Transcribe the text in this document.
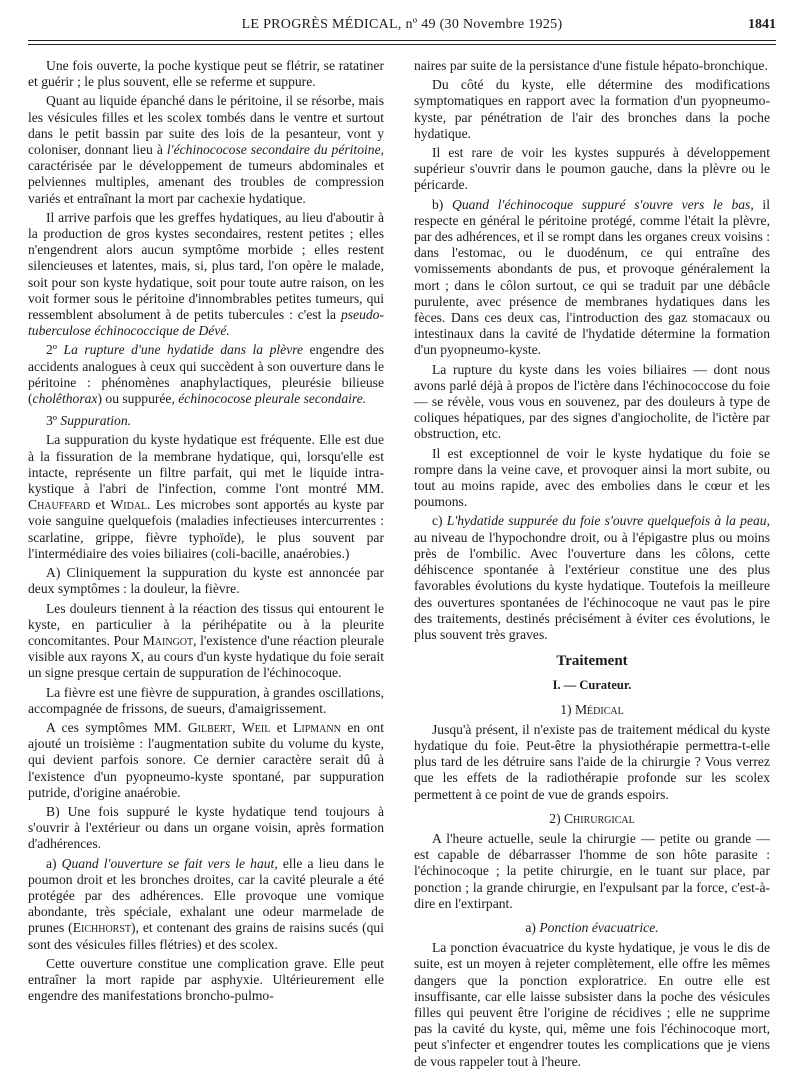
LE PROGRÈS MÉDICAL, nº 49 (30 Novembre 1925)	1841

Une fois ouverte, la poche kystique peut se flétrir, se ratatiner et guérir ; le plus souvent, elle se referme et suppure.

Quant au liquide épanché dans le péritoine, il se résorbe, mais les vésicules filles et les scolex tombés dans le ventre et surtout dans le petit bassin par suite des lois de la pesanteur, vont y coloniser, donnant lieu à l'échinococose secondaire du péritoine, caractérisée par le développement de tumeurs abdominales et pelviennes multiples, amenant des troubles de compression variés et entraînant la mort par cachexie hydatique.

Il arrive parfois que les greffes hydatiques, au lieu d'aboutir à la production de gros kystes secondaires, restent petites ; elles n'engendrent alors aucun symptôme morbide ; elles restent silencieuses et latentes, mais, si, plus tard, l'on opère le malade, soit pour son kyste hydatique, soit pour toute autre raison, on les voit former sous le péritoine d'innombrables petites tumeurs, qui ressemblent absolument à de petits tubercules : c'est la pseudo-tuberculose échinococcique de Dévé.

2º La rupture d'une hydatide dans la plèvre engendre des accidents analogues à ceux qui succèdent à son ouverture dans le péritoine : phénomènes anaphylactiques, pleurésie bilieuse (cholêthorax) ou suppurée, échinococose pleurale secondaire.

3º Suppuration.

La suppuration du kyste hydatique est fréquente. Elle est due à la fissuration de la membrane hydatique, qui, lorsqu'elle est intacte, représente un filtre parfait, qui met le liquide intra-kystique à l'abri de l'infection, comme l'ont montré MM. Chauffard et Widal. Les microbes sont apportés au kyste par voie sanguine quelquefois (maladies infectieuses intercurrentes : scarlatine, grippe, fièvre typhoïde), le plus souvent par l'intermédiaire des voies biliaires (coli-bacille, anaérobies.)

A) Cliniquement la suppuration du kyste est annoncée par deux symptômes : la douleur, la fièvre.

Les douleurs tiennent à la réaction des tissus qui entourent le kyste, en particulier à la périhépatite ou à la pleurite concomitantes. Pour Maingot, l'existence d'une réaction pleurale visible aux rayons X, au cours d'un kyste hydatique du foie serait un signe presque certain de suppuration de l'échinocoque.

La fièvre est une fièvre de suppuration, à grandes oscillations, accompagnée de frissons, de sueurs, d'amaigrissement.

A ces symptômes MM. Gilbert, Weil et Lipmann en ont ajouté un troisième : l'augmentation subite du volume du kyste, qui devient parfois sonore. Ce dernier caractère serait dû à l'existence d'un pyopneumo-kyste spontané, par suppuration putride, d'origine anaérobie.

B) Une fois suppuré le kyste hydatique tend toujours à s'ouvrir à l'extérieur ou dans un organe voisin, après formation d'adhérences.

a) Quand l'ouverture se fait vers le haut, elle a lieu dans le poumon droit et les bronches droites, car la cavité pleurale a été protégée par des adhérences. Elle provoque une vomique abondante, très spéciale, exhalant une odeur marmelade de prunes (Eichhorst), et contenant des grains de raisins sucés (qui sont des vésicules filles flétries) et des scolex.

Cette ouverture constitue une complication grave. Elle peut entraîner la mort rapide par asphyxie. Ultérieurement elle engendre des manifestations broncho-pulmo-

naires par suite de la persistance d'une fistule hépato-bronchique.

Du côté du kyste, elle détermine des modifications symptomatiques en rapport avec la formation d'un pyopneumo-kyste, par pénétration de l'air des bronches dans la poche hydatique.

Il est rare de voir les kystes suppurés à développement supérieur s'ouvrir dans le poumon gauche, dans la plèvre ou le péricarde.

b) Quand l'échinocoque suppuré s'ouvre vers le bas, il respecte en général le péritoine protégé, comme l'était la plèvre, par des adhérences, et il se rompt dans les organes creux voisins : dans l'estomac, ou le duodénum, ce qui entraîne des vomissements abondants de pus, et provoque généralement la mort ; dans le côlon surtout, ce qui se traduit par une débâcle purulente, avec présence de membranes hydatiques dans les fèces. Dans ces deux cas, l'introduction des gaz stomacaux ou intestinaux dans la cavité de l'hydatide détermine la formation d'un pyopneumo-kyste.

La rupture du kyste dans les voies biliaires — dont nous avons parlé déjà à propos de l'ictère dans l'échinococcose du foie — se révèle, vous vous en souvenez, par des douleurs à type de coliques hépatiques, par des signes d'angiocholite, de l'ictère par obstruction, etc.

Il est exceptionnel de voir le kyste hydatique du foie se rompre dans la veine cave, et provoquer ainsi la mort subite, ou tout au moins rapide, avec des embolies dans le cœur et les poumons.

c) L'hydatide suppurée du foie s'ouvre quelquefois à la peau, au niveau de l'hypochondre droit, ou à l'épigastre plus ou moins près de l'ombilic. Avec l'ouverture dans les côlons, cette déhiscence spontanée à l'extérieur constitue une des plus favorables évolutions du kyste hydatique. Toutefois la meilleure des ouvertures spontanées de l'échinocoque ne vaut pas le pire des traitements, destinés précisément à éviter ces évolutions, le plus souvent très graves.

Traitement
I. — Curateur.
1) Médical

Jusqu'à présent, il n'existe pas de traitement médical du kyste hydatique du foie. Peut-être la physiothérapie permettra-t-elle plus tard de les détruire sans l'aide de la chirurgie ? Vous verrez que les effets de la radiothérapie profonde sur les scolex permettent à ce point de vue de grands espoirs.

2) Chirurgical

A l'heure actuelle, seule la chirurgie — petite ou grande — est capable de débarrasser l'homme de son hôte parasite : l'échinocoque ; la petite chirurgie, en le tuant sur place, par ponction ; la grande chirurgie, en l'expulsant par la force, c'est-à-dire en l'extirpant.

a) Ponction évacuatrice.

La ponction évacuatrice du kyste hydatique, je vous le dis de suite, est un moyen à rejeter complètement, elle offre les mêmes dangers que la ponction exploratrice. En outre elle est insuffisante, car elle laisse subsister dans la poche des vésicules filles qui peuvent être l'origine de récidives ; elle ne supprime pas la cavité du kyste, qui, même une fois l'échinocoque mort, peut s'infecter et engendrer toutes les complications que je viens de vous rappeler tout à l'heure.
